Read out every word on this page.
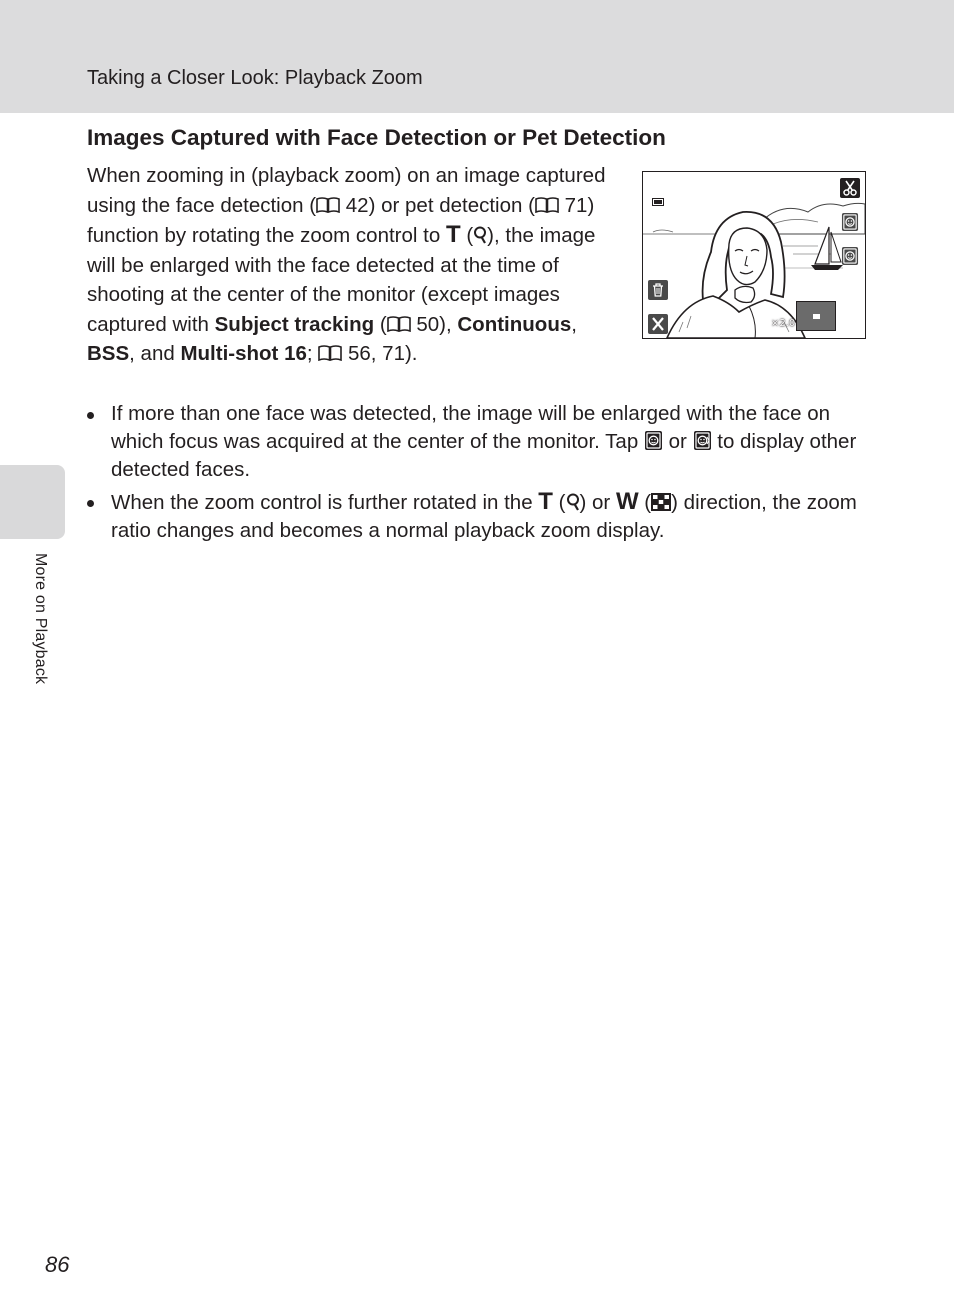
Taking a Closer Look: Playback Zoom
More on Playback
Images Captured with Face Detection or Pet Detection

When zooming in (playback zoom) on an image captured using the face detection ( 42) or pet detection ( 71) function by rotating the zoom control to T ( ), the image will be enlarged with the face detected at the time of shooting at the center of the monitor (except images captured with Subject tracking ( 50), Continuous, BSS, and Multi-shot 16;  56, 71).

If more than one face was detected, the image will be enlarged with the face on which focus was acquired at the center of the monitor. Tap  or  to display other detected faces.
When the zoom control is further rotated in the T ( ) or W ( ) direction, the zoom ratio changes and becomes a normal playback zoom display.
×2.0
86
